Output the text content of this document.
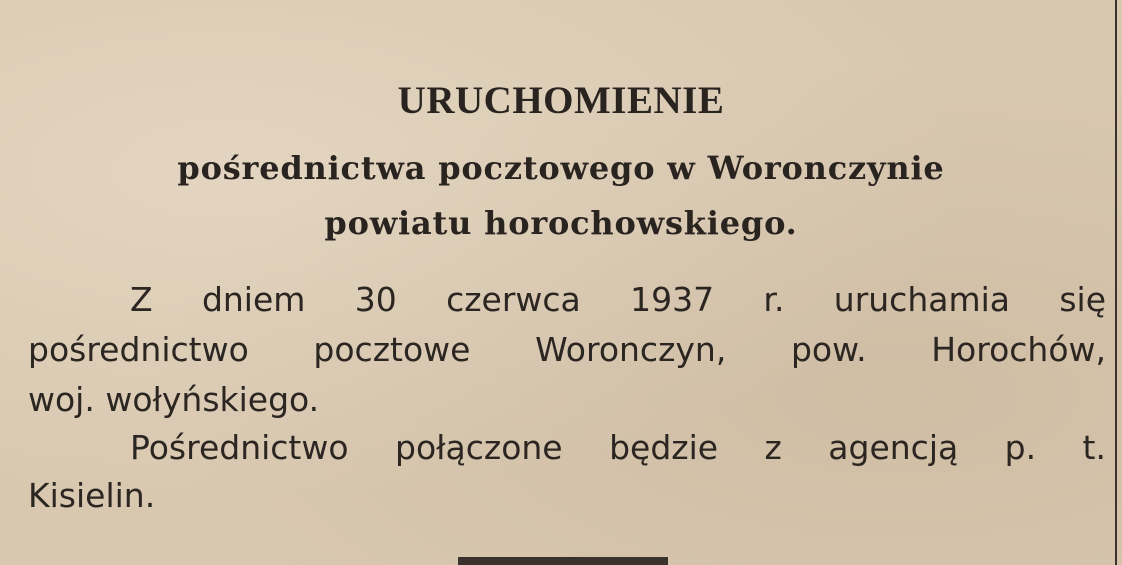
URUCHOMIENIE
pośrednictwa pocztowego w Woronczynie
powiatu horochowskiego.
Z dniem 30 czerwca 1937 r. uruchamia się
pośrednictwo pocztowe Woronczyn, pow. Horochów,
woj. wołyńskiego.
Pośrednictwo połączone będzie z agencją p. t.
Kisielin.
